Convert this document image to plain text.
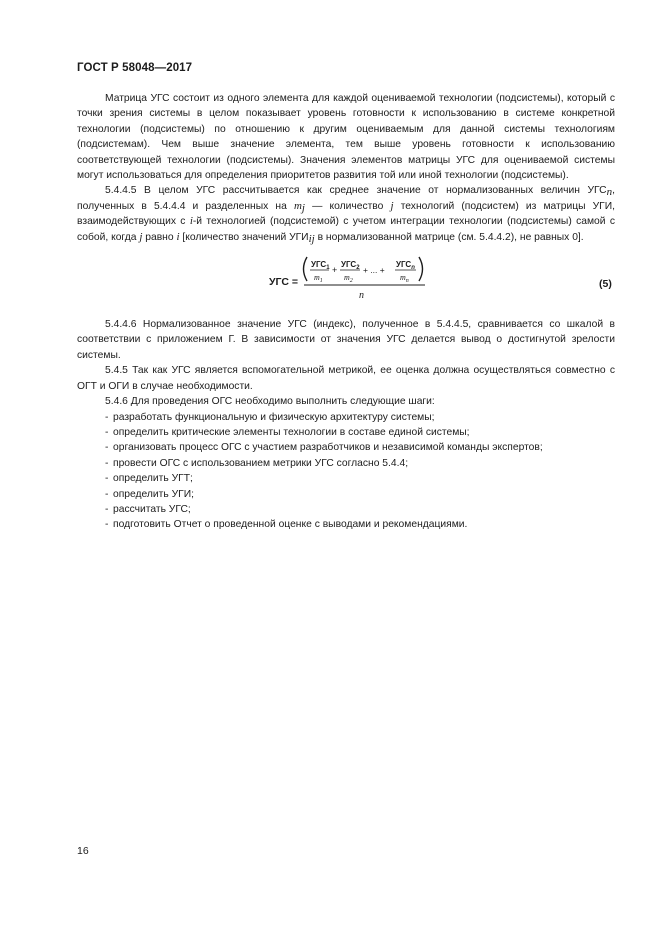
ГОСТ Р 58048—2017

Матрица УГС состоит из одного элемента для каждой оцениваемой технологии (подсистемы), который с точки зрения системы в целом показывает уровень готовности к использованию в системе конкретной технологии (подсистемы) по отношению к другим оцениваемым для данной системы технологиям (подсистемам). Чем выше значение элемента, тем выше уровень готовности к использованию соответствующей технологии (подсистемы). Значения элементов матрицы УГС для оцениваемой системы могут использоваться для определения приоритетов развития той или иной технологии (подсистемы).

5.4.4.5 В целом УГС рассчитывается как среднее значение от нормализованных величин $УГС_n$, полученных в 5.4.4.4 и разделенных на $m_j$ — количество j технологий (подсистем) из матрицы УГИ, взаимодействующих с i-й технологией (подсистемой) с учетом интеграции технологии (подсистемы) самой с собой, когда j равно i [количество значений $УГИ_{ij}$ в нормализованной матрице (см. 5.4.4.2), не равных 0].

УГС =
$УГС_1$
$m_1$
+
$УГС_2$
$m_2$
+ ... +
$УГС_n$
$m_n$
n
(5)

5.4.4.6 Нормализованное значение УГС (индекс), полученное в 5.4.4.5, сравнивается со шкалой в соответствии с приложением Г. В зависимости от значения УГС делается вывод о достигнутой зрелости системы.

5.4.5 Так как УГС является вспомогательной метрикой, ее оценка должна осуществляться совместно с ОГТ и ОГИ в случае необходимости.

5.4.6 Для проведения ОГС необходимо выполнить следующие шаги:

- разработать функциональную и физическую архитектуру системы;
- определить критические элементы технологии в составе единой системы;
- организовать процесс ОГС с участием разработчиков и независимой команды экспертов;
- провести ОГС с использованием метрики УГС согласно 5.4.4;
- определить УГТ;
- определить УГИ;
- рассчитать УГС;
- подготовить Отчет о проведенной оценке с выводами и рекомендациями.
16
